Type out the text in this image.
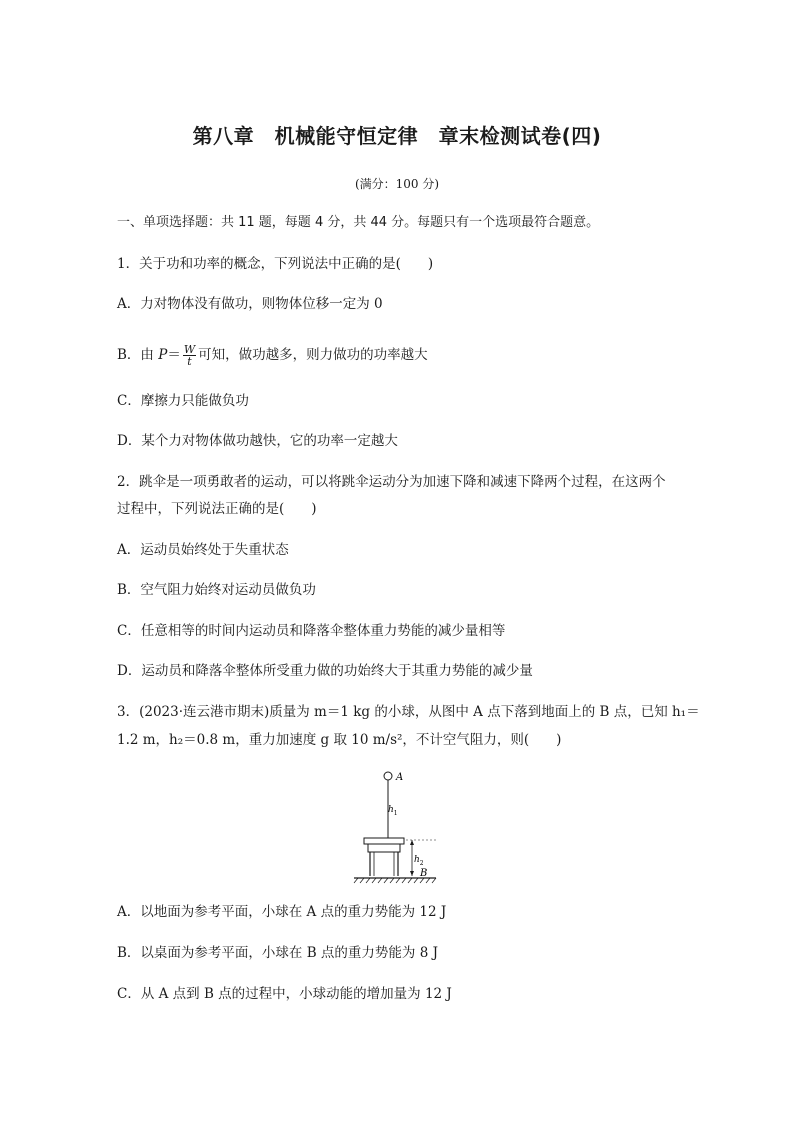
第八章　机械能守恒定律　章末检测试卷(四)
(满分：100 分)
一、单项选择题：共 11 题，每题 4 分，共 44 分。每题只有一个选项最符合题意。
1．关于功和功率的概念，下列说法中正确的是(　　)
A．力对物体没有做功，则物体位移一定为 0
B．由 $P= \frac{W}{t}$ 可知，做功越多，则力做功的功率越大
C．摩擦力只能做负功
D．某个力对物体做功越快，它的功率一定越大
2．跳伞是一项勇敢者的运动，可以将跳伞运动分为加速下降和减速下降两个过程，在这两个
过程中，下列说法正确的是(　　)
A．运动员始终处于失重状态
B．空气阻力始终对运动员做负功
C．任意相等的时间内运动员和降落伞整体重力势能的减少量相等
D．运动员和降落伞整体所受重力做的功始终大于其重力势能的减少量
3．(2023·连云港市期末)质量为 m＝1 kg 的小球，从图中 A 点下落到地面上的 B 点，已知 h₁＝
1.2 m，h₂＝0.8 m，重力加速度 g 取 10 m/s²，不计空气阻力，则(　　)
A
$h_1$
$h_2$
B
A．以地面为参考平面，小球在 A 点的重力势能为 12 J
B．以桌面为参考平面，小球在 B 点的重力势能为 8 J
C．从 A 点到 B 点的过程中，小球动能的增加量为 12 J
